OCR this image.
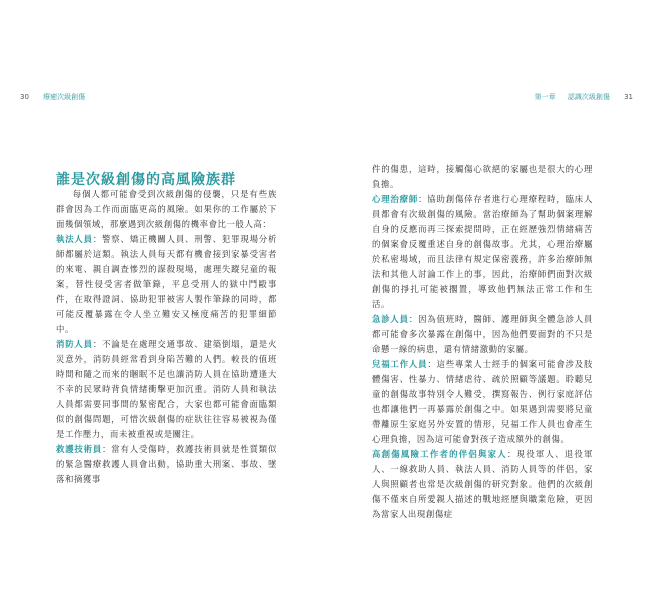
30 療癒次級創傷	第一章 認識次級創傷 31
誰是次級創傷的高風險族群

每個人都可能會受到次級創傷的侵襲，只是有些族群會因為工作而面臨更高的風險。如果你的工作屬於下面幾個領域，那麼遇到次級創傷的機率會比一般人高：

執法人員：警察、矯正機關人員、刑警、犯罪現場分析師都屬於這類。執法人員每天都有機會接到家暴受害者的來電、親自調查慘烈的謀殺現場，處理失蹤兒童的報案，替性侵受害者做筆錄，平息受刑人的獄中鬥毆事件，在取得證詞、協助犯罪被害人製作筆錄的同時，都可能反覆暴露在令人坐立難安又極度痛苦的犯罪細節中。

消防人員：不論是在處理交通事故、建築倒塌，還是火災意外，消防員經常看到身陷苦難的人們。較長的值班時間和隨之而來的睏眠不足也讓消防人員在協助遭逢大不幸的民眾時背負情緒衝擊更加沉重。消防人員和執法人員都需要同事間的緊密配合，大家也都可能會面臨類似的創傷問題，可惜次級創傷的症狀往往容易被視為僅是工作壓力，而未被重視或是關注。

救護技術員：當有人受傷時，救護技術員就是性質類似的緊急醫療救護人員會出動，協助重大刑案、事故、墜落和摘獲事

件的傷患，這時，接觸傷心欲絕的家屬也是很大的心理負擔。

心理治療師：協助創傷倖存者進行心理療程時，臨床人員都會有次級創傷的風險。當治療師為了幫助個案理解自身的反應而再三探索提問時，正在經歷強烈情緒痛苦的個案會反覆重述自身的創傷故事。尤其，心理治療屬於私密場域，而且法律有規定保密義務，許多治療師無法和其他人討論工作上的事，因此，治療師們面對次級創傷的掙扎可能被擱置，導致他們無法正常工作和生活。

急診人員：因為值班時，醫師、護理師與全體急診人員都可能會多次暴露在創傷中，因為他們要面對的不只是命懸一線的病患，還有情緒激動的家屬。

兒福工作人員：這些專業人士經手的個案可能會涉及肢體傷害、性暴力、情緒虐待、疏於照顧等議題。聆聽兒童的創傷故事特別令人難受，撰寫報告、例行家庭評估也都讓他們一再暴露於創傷之中。如果遇到需要將兒童帶離原生家庭另外安置的情形，兒福工作人員也會產生心理負擔，因為這可能會對孩子造成額外的創傷。

高創傷風險工作者的伴侶與家人：現役軍人、退役軍人、一線救助人員、執法人員、消防人員等的伴侶，家人與照顧者也常是次級創傷的研究對象。他們的次級創傷不僅來自所愛親人描述的戰地經歷與職業危險，更因為當家人出現創傷症
